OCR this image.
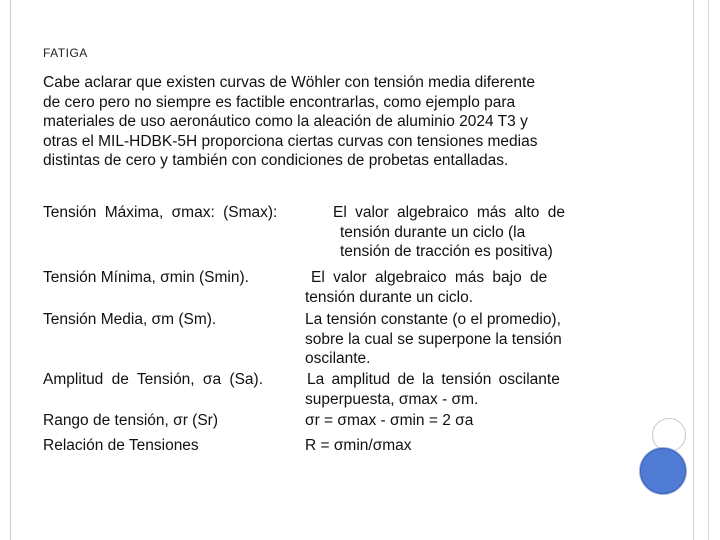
FATIGA
Cabe aclarar que existen curvas de Wöhler con tensión media diferente
de cero pero no siempre es factible encontrarlas, como ejemplo para
materiales de uso aeronáutico como la aleación de aluminio 2024 T3 y
otras el MIL-HDBK-5H proporciona ciertas curvas con tensiones medias
distintas de cero y también con condiciones de probetas entalladas.
Tensión Máxima, σmax: (Smax):	El valor algebraico más alto de
tensión durante un ciclo (la
tensión de tracción es positiva)
Tensión Mínima, σmin (Smin).	El valor algebraico más bajo de
tensión durante un ciclo.
Tensión Media, σm (Sm).	La tensión constante (o el promedio),
sobre la cual se superpone la tensión
oscilante.
Amplitud de Tensión, σa (Sa).	La amplitud de la tensión oscilante
superpuesta, σmax - σm.
Rango de tensión, σr (Sr)	σr = σmax - σmin = 2 σa
Relación de Tensiones	R = σmin/σmax
